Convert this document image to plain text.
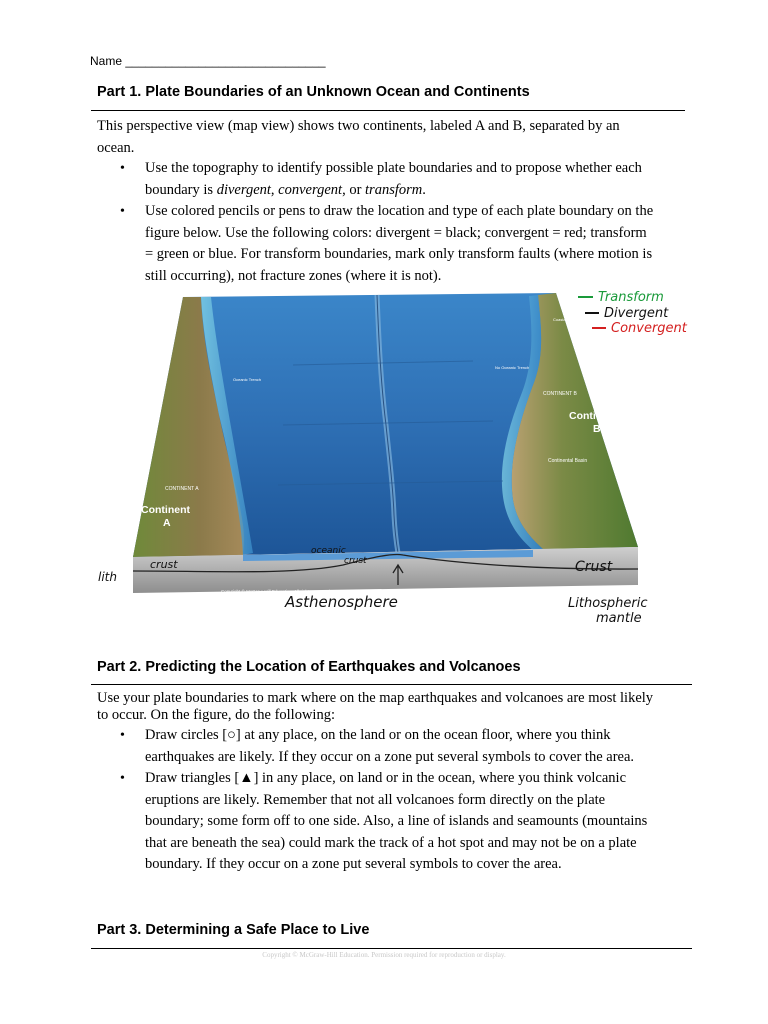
Name ______________________________
Part 1. Plate Boundaries of an Unknown Ocean and Continents
This perspective view (map view) shows two continents, labeled A and B, separated by an
ocean.
• Use the topography to identify possible plate boundaries and to propose whether each
boundary is divergent, convergent, or transform.
• Use colored pencils or pens to draw the location and type of each plate boundary on the
figure below. Use the following colors: divergent = black; convergent = red; transform
= green or blue. For transform boundaries, mark only transform faults (where motion is
still occurring), not fracture zones (where it is not).
Transform
Divergent
Convergent
Coastal Plain
Oceanic Trench
No Oceanic Trench
CONTINENT B
CONTINENT A
Continental Basin
Continent
A
Conti
B
lith
crust
oceanic
crust	Crust
Asthenosphere	Lithospheric
mantle
Copyright © McGraw-Hill Education. All rights reserved. No reproduction or distribution without prior written consent of McGraw-Hill Education.
Part 2. Predicting the Location of Earthquakes and Volcanoes
Use your plate boundaries to mark where on the map earthquakes and volcanoes are most likely
to occur. On the figure, do the following:
• Draw circles [○] at any place, on the land or on the ocean floor, where you think
earthquakes are likely. If they occur on a zone put several symbols to cover the area.
• Draw triangles [▲] in any place, on land or in the ocean, where you think volcanic
eruptions are likely. Remember that not all volcanoes form directly on the plate
boundary; some form off to one side. Also, a line of islands and seamounts (mountains
that are beneath the sea) could mark the track of a hot spot and may not be on a plate
boundary. If they occur on a zone put several symbols to cover the area.
Part 3. Determining a Safe Place to Live
Copyright © McGraw-Hill Education. Permission required for reproduction or display.
